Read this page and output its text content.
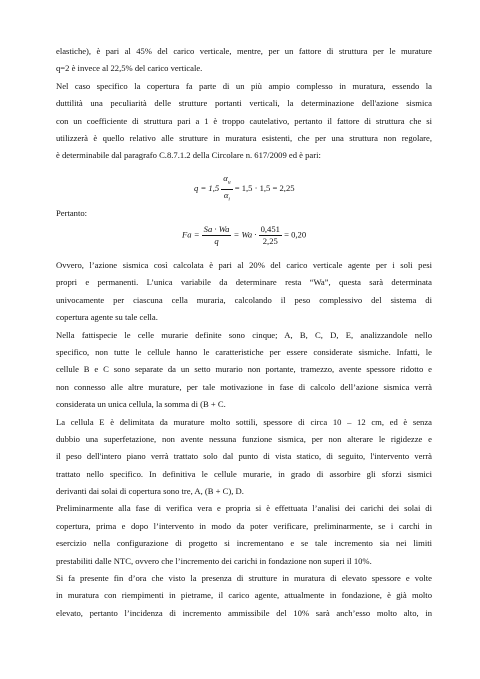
elastiche), è pari al 45% del carico verticale, mentre, per un fattore di struttura per le murature
q=2 è invece al 22,5% del carico verticale.
Nel caso specifico la copertura fa parte di un più ampio complesso in muratura, essendo la
duttilità una peculiarità delle strutture portanti verticali, la determinazione dell'azione sismica
con un coefficiente di struttura pari a 1 è troppo cautelativo, pertanto il fattore di struttura che si
utilizzerà è quello relativo alle strutture in muratura esistenti, che per una struttura non regolare,
è determinabile dal paragrafo C.8.7.1.2 della Circolare n. 617/2009 ed è pari:
$q = 1,5 \frac{\alpha_u}{\alpha_i} = 1,5 \cdot 1,5 = 2,25$
Pertanto:
$Fa = \frac{Sa \cdot Wa}{q} = Wa \cdot \frac{0,451}{2,25} = 0,20$
Ovvero, l’azione sismica così calcolata è pari al 20% del carico verticale agente per i soli pesi
propri e permanenti. L’unica variabile da determinare resta “Wa”, questa sarà determinata
univocamente per ciascuna cella muraria, calcolando il peso complessivo del sistema di
copertura agente su tale cella.
Nella fattispecie le celle murarie definite sono cinque; A, B, C, D, E, analizzandole nello
specifico, non tutte le cellule hanno le caratteristiche per essere considerate sismiche. Infatti, le
cellule B e C sono separate da un setto murario non portante, tramezzo, avente spessore ridotto e
non connesso alle altre murature, per tale motivazione in fase di calcolo dell’azione sismica verrà
considerata un unica cellula, la somma di (B + C.
La cellula E è delimitata da murature molto sottili, spessore di circa 10 – 12 cm, ed è senza
dubbio una superfetazione, non avente nessuna funzione sismica, per non alterare le rigidezze e
il peso dell'intero piano verrà trattato solo dal punto di vista statico, di seguito, l'intervento verrà
trattato nello specifico. In definitiva le cellule murarie, in grado di assorbire gli sforzi sismici
derivanti dai solai di copertura sono tre, A, (B + C), D.
Preliminarmente alla fase di verifica vera e propria si è effettuata l’analisi dei carichi dei solai di
copertura, prima e dopo l’intervento in modo da poter verificare, preliminarmente, se i carchi in
esercizio nella configurazione di progetto si incrementano e se tale incremento sia nei limiti
prestabiliti dalle NTC, ovvero che l’incremento dei carichi in fondazione non superi il 10%.
Si fa presente fin d’ora che visto la presenza di strutture in muratura di elevato spessore e volte
in muratura con riempimenti in pietrame, il carico agente, attualmente in fondazione, è già molto
elevato, pertanto l’incidenza di incremento ammissibile del 10% sarà anch’esso molto alto, in
